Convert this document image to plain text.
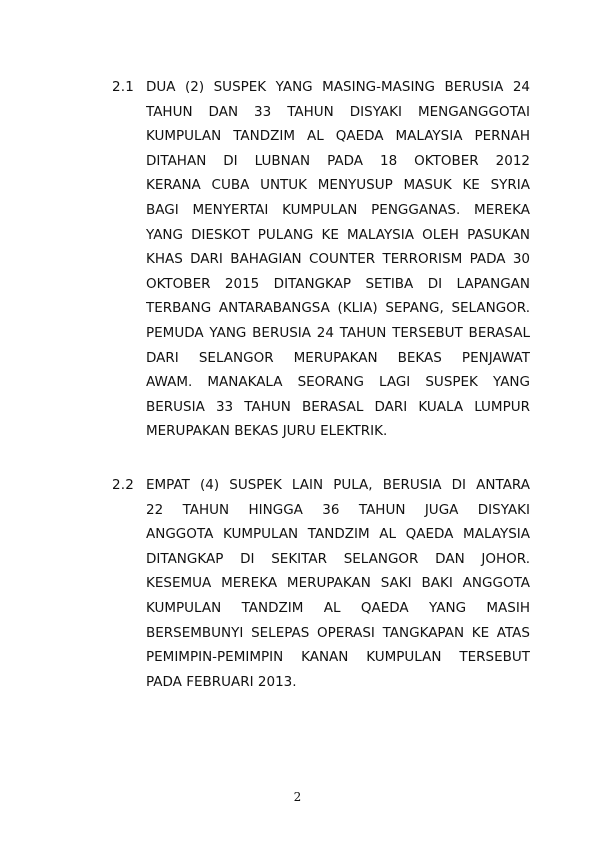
2.1 DUA (2) SUSPEK YANG MASING-MASING BERUSIA 24
TAHUN DAN 33 TAHUN DISYAKI MENGANGGOTAI
KUMPULAN TANDZIM AL QAEDA MALAYSIA PERNAH
DITAHAN DI LUBNAN PADA 18 OKTOBER 2012
KERANA CUBA UNTUK MENYUSUP MASUK KE SYRIA
BAGI MENYERTAI KUMPULAN PENGGANAS. MEREKA
YANG DIESKOT PULANG KE MALAYSIA OLEH PASUKAN
KHAS DARI BAHAGIAN COUNTER TERRORISM PADA 30
OKTOBER 2015 DITANGKAP SETIBA DI LAPANGAN
TERBANG ANTARABANGSA (KLIA) SEPANG, SELANGOR.
PEMUDA YANG BERUSIA 24 TAHUN TERSEBUT BERASAL
DARI SELANGOR MERUPAKAN BEKAS PENJAWAT
AWAM. MANAKALA SEORANG LAGI SUSPEK YANG
BERUSIA 33 TAHUN BERASAL DARI KUALA LUMPUR
MERUPAKAN BEKAS JURU ELEKTRIK.
2.2 EMPAT (4) SUSPEK LAIN PULA, BERUSIA DI ANTARA
22 TAHUN HINGGA 36 TAHUN JUGA DISYAKI
ANGGOTA KUMPULAN TANDZIM AL QAEDA MALAYSIA
DITANGKAP DI SEKITAR SELANGOR DAN JOHOR.
KESEMUA MEREKA MERUPAKAN SAKI BAKI ANGGOTA
KUMPULAN TANDZIM AL QAEDA YANG MASIH
BERSEMBUNYI SELEPAS OPERASI TANGKAPAN KE ATAS
PEMIMPIN-PEMIMPIN KANAN KUMPULAN TERSEBUT
PADA FEBRUARI 2013.
2
